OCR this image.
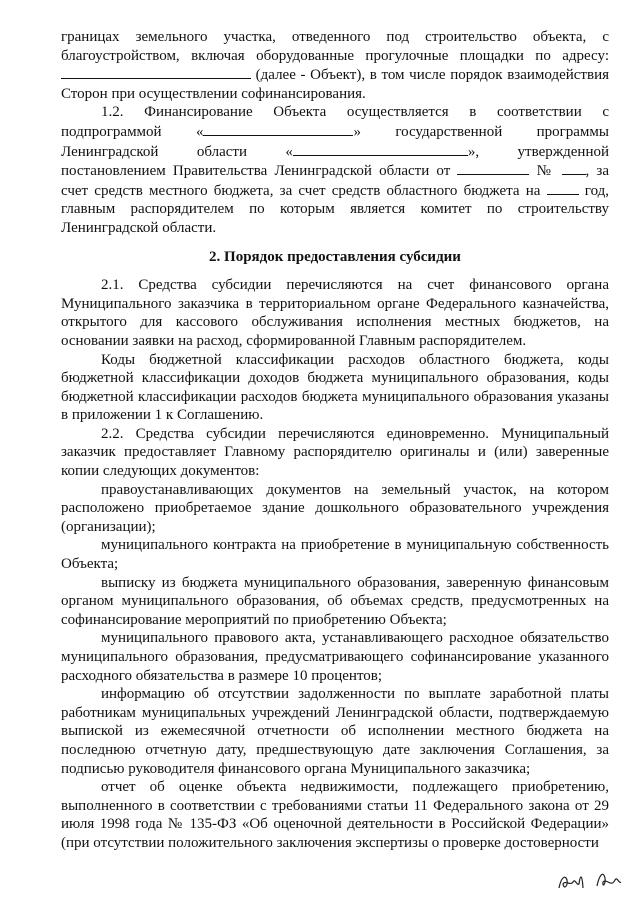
границах земельного участка, отведенного под строительство объекта, с благоустройством, включая оборудованные прогулочные площадки по адресу: (далее - Объект), в том числе порядок взаимодействия Сторон при осуществлении софинансирования.

1.2. Финансирование Объекта осуществляется в соответствии с подпрограммой «	» государственной программы Ленинградской области «	», утвержденной постановлением Правительства Ленинградской области от	№ , за счет средств местного бюджета, за счет средств областного бюджета на	год, главным распорядителем по которым является комитет по строительству Ленинградской области.

2. Порядок предоставления субсидии

2.1. Средства субсидии перечисляются на счет финансового органа Муниципального заказчика в территориальном органе Федерального казначейства, открытого для кассового обслуживания исполнения местных бюджетов, на основании заявки на расход, сформированной Главным распорядителем.

Коды бюджетной классификации расходов областного бюджета, коды бюджетной классификации доходов бюджета муниципального образования, коды бюджетной классификации расходов бюджета муниципального образования указаны в приложении 1 к Соглашению.

2.2. Средства субсидии перечисляются единовременно. Муниципальный заказчик предоставляет Главному распорядителю оригиналы и (или) заверенные копии следующих документов:

правоустанавливающих документов на земельный участок, на котором расположено приобретаемое здание дошкольного образовательного учреждения (организации);

муниципального контракта на приобретение в муниципальную собственность Объекта;

выписку из бюджета муниципального образования, заверенную финансовым органом муниципального образования, об объемах средств, предусмотренных на софинансирование мероприятий по приобретению Объекта;

муниципального правового акта, устанавливающего расходное обязательство муниципального образования, предусматривающего софинансирование указанного расходного обязательства в размере 10 процентов;

информацию об отсутствии задолженности по выплате заработной платы работникам муниципальных учреждений Ленинградской области, подтверждаемую выпиской из ежемесячной отчетности об исполнении местного бюджета на последнюю отчетную дату, предшествующую дате заключения Соглашения, за подписью руководителя финансового органа Муниципального заказчика;

отчет об оценке объекта недвижимости, подлежащего приобретению, выполненного в соответствии с требованиями статьи 11 Федерального закона от 29 июля 1998 года № 135-ФЗ «Об оценочной деятельности в Российской Федерации» (при отсутствии положительного заключения экспертизы о проверке достоверности
